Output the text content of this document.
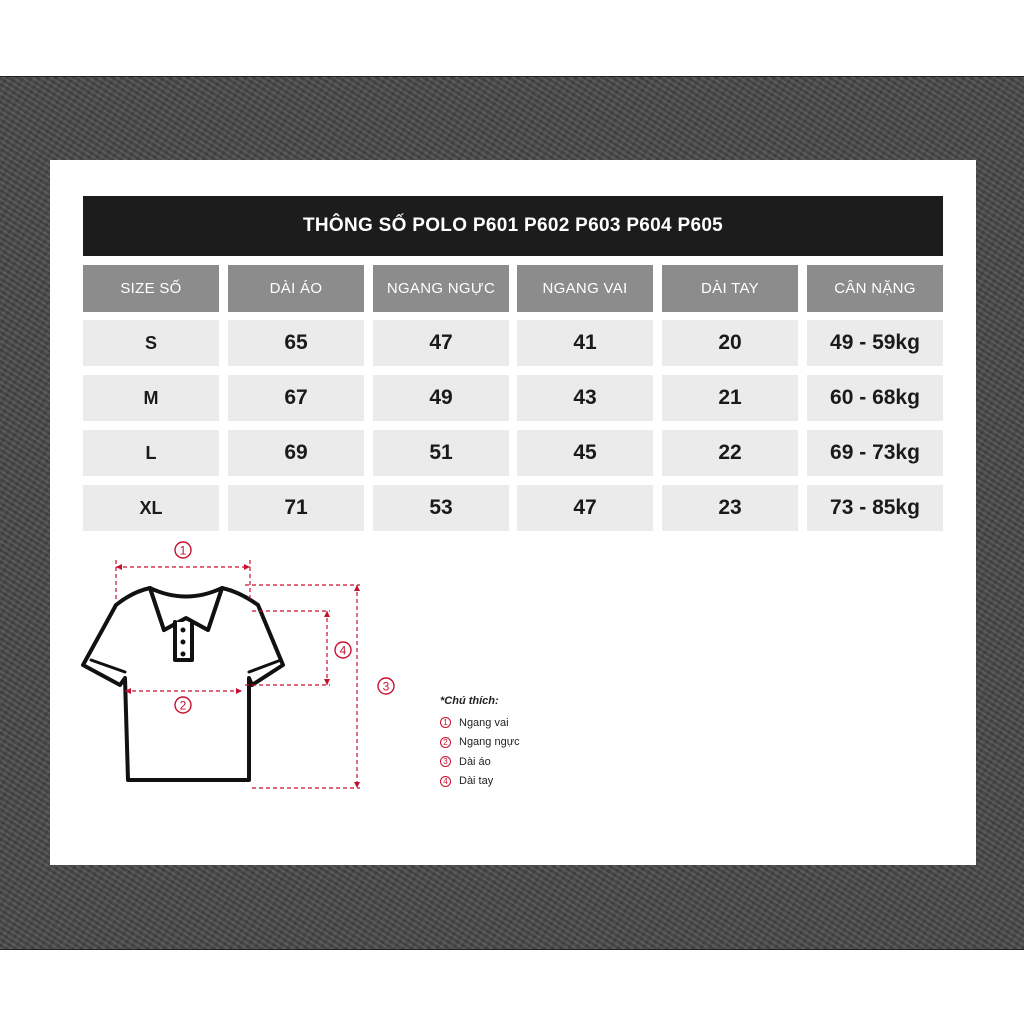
THÔNG SỐ POLO P601 P602 P603 P604 P605
SIZE SỐ	DÀI ÁO	NGANG NGỰC	NGANG VAI	DÀI TAY	CÂN NẶNG
S	65	47	41	20	49 - 59kg
M	67	49	43	21	60 - 68kg
L	69	51	45	22	69 - 73kg
XL	71	53	47	23	73 - 85kg
1
2
3
4
*Chú thích:
1 Ngang vai
2 Ngang ngực
3 Dài áo
4 Dài tay
